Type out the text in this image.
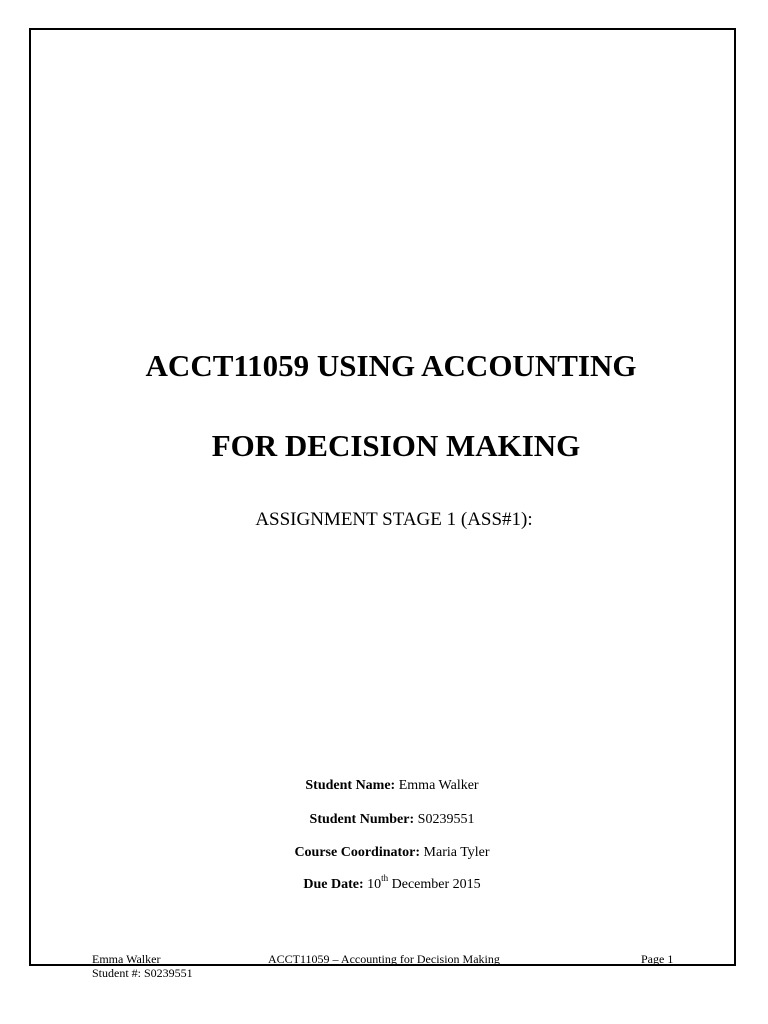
ACCT11059 USING ACCOUNTING
FOR DECISION MAKING
ASSIGNMENT STAGE 1 (ASS#1):
Student Name: Emma Walker
Student Number: S0239551
Course Coordinator: Maria Tyler
Due Date: 10th December 2015
Emma Walker
Student #: S0239551
ACCT11059 – Accounting for Decision Making	Page 1
